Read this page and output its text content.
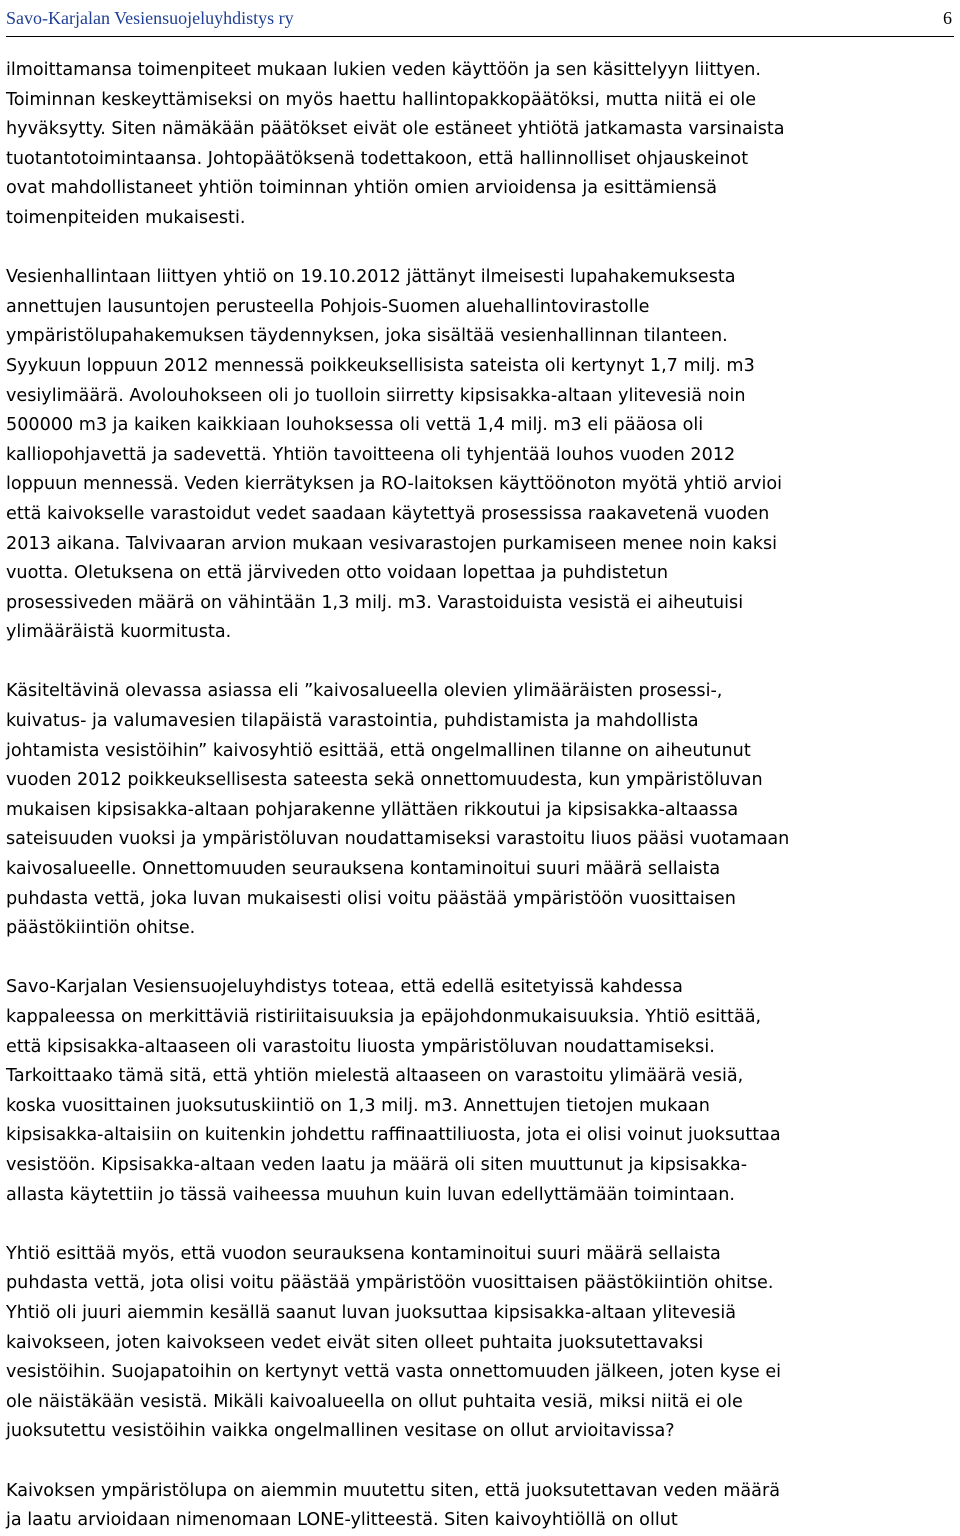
Savo-Karjalan Vesiensuojeluyhdistys ry	6

ilmoittamansa toimenpiteet mukaan lukien veden käyttöön ja sen käsittelyyn liittyen.
Toiminnan keskeyttämiseksi on myös haettu hallintopakkopäätöksi, mutta niitä ei ole
hyväksytty. Siten nämäkään päätökset eivät ole estäneet yhtiötä jatkamasta varsinaista
tuotantotoimintaansa. Johtopäätöksenä todettakoon, että hallinnolliset ohjauskeinot
ovat mahdollistaneet yhtiön toiminnan yhtiön omien arvioidensa ja esittämiensä
toimenpiteiden mukaisesti.

Vesienhallintaan liittyen yhtiö on 19.10.2012 jättänyt ilmeisesti lupahakemuksesta
annettujen lausuntojen perusteella Pohjois-Suomen aluehallintovirastolle
ympäristölupahakemuksen täydennyksen, joka sisältää vesienhallinnan tilanteen.
Syykuun loppuun 2012 mennessä poikkeuksellisista sateista oli kertynyt 1,7 milj. m3
vesiylimäärä. Avolouhokseen oli jo tuolloin siirretty kipsisakka-altaan ylitevesiä noin
500000 m3 ja kaiken kaikkiaan louhoksessa oli vettä 1,4 milj. m3 eli pääosa oli
kalliopohjavettä ja sadevettä. Yhtiön tavoitteena oli tyhjentää louhos vuoden 2012
loppuun mennessä. Veden kierrätyksen ja RO-laitoksen käyttöönoton myötä yhtiö arvioi
että kaivokselle varastoidut vedet saadaan käytettyä prosessissa raakavetenä vuoden
2013 aikana. Talvivaaran arvion mukaan vesivarastojen purkamiseen menee noin kaksi
vuotta. Oletuksena on että järviveden otto voidaan lopettaa ja puhdistetun
prosessiveden määrä on vähintään 1,3 milj. m3. Varastoiduista vesistä ei aiheutuisi
ylimääräistä kuormitusta.

Käsiteltävinä olevassa asiassa eli ”kaivosalueella olevien ylimääräisten prosessi-,
kuivatus- ja valumavesien tilapäistä varastointia, puhdistamista ja mahdollista
johtamista vesistöihin” kaivosyhtiö esittää, että ongelmallinen tilanne on aiheutunut
vuoden 2012 poikkeuksellisesta sateesta sekä onnettomuudesta, kun ympäristöluvan
mukaisen kipsisakka-altaan pohjarakenne yllättäen rikkoutui ja kipsisakka-altaassa
sateisuuden vuoksi ja ympäristöluvan noudattamiseksi varastoitu liuos pääsi vuotamaan
kaivosalueelle. Onnettomuuden seurauksena kontaminoitui suuri määrä sellaista
puhdasta vettä, joka luvan mukaisesti olisi voitu päästää ympäristöön vuosittaisen
päästökiintiön ohitse.

Savo-Karjalan Vesiensuojeluyhdistys toteaa, että edellä esitetyissä kahdessa
kappaleessa on merkittäviä ristiriitaisuuksia ja epäjohdonmukaisuuksia. Yhtiö esittää,
että kipsisakka-altaaseen oli varastoitu liuosta ympäristöluvan noudattamiseksi.
Tarkoittaako tämä sitä, että yhtiön mielestä altaaseen on varastoitu ylimäärä vesiä,
koska vuosittainen juoksutuskiintiö on 1,3 milj. m3. Annettujen tietojen mukaan
kipsisakka-altaisiin on kuitenkin johdettu raffinaattiliuosta, jota ei olisi voinut juoksuttaa
vesistöön. Kipsisakka-altaan veden laatu ja määrä oli siten muuttunut ja kipsisakka-
allasta käytettiin jo tässä vaiheessa muuhun kuin luvan edellyttämään toimintaan.

Yhtiö esittää myös, että vuodon seurauksena kontaminoitui suuri määrä sellaista
puhdasta vettä, jota olisi voitu päästää ympäristöön vuosittaisen päästökiintiön ohitse.
Yhtiö oli juuri aiemmin kesällä saanut luvan juoksuttaa kipsisakka-altaan ylitevesiä
kaivokseen, joten kaivokseen vedet eivät siten olleet puhtaita juoksutettavaksi
vesistöihin. Suojapatoihin on kertynyt vettä vasta onnettomuuden jälkeen, joten kyse ei
ole näistäkään vesistä. Mikäli kaivoalueella on ollut puhtaita vesiä, miksi niitä ei ole
juoksutettu vesistöihin vaikka ongelmallinen vesitase on ollut arvioitavissa?

Kaivoksen ympäristölupa on aiemmin muutettu siten, että juoksutettavan veden määrä
ja laatu arvioidaan nimenomaan LONE-ylitteestä. Siten kaivoyhtiöllä on ollut
